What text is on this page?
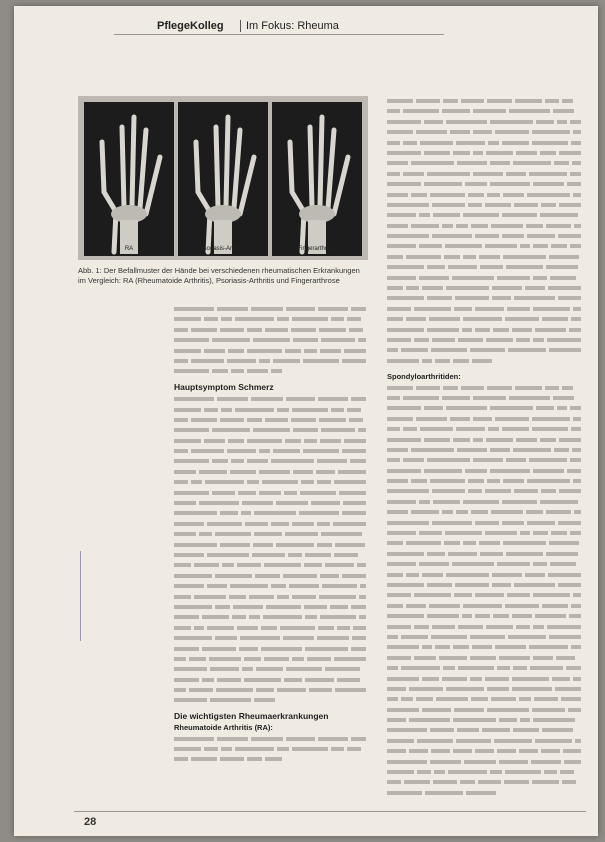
PflegeKolleg Im Fokus: Rheuma
RA	Psoriasis-Arthritis	Fingerarthrose
Abb. 1: Der Befallmuster der Hände bei verschiedenen rheumatischen Erkrankungen im Vergleich: RA (Rheumatoide Arthritis), Psoriasis-Arthritis und Fingerarthrose
Hauptsymptom Schmerz
Die wichtigsten Rheumaerkrankungen
Rheumatoide Arthritis (RA):
Spondyloarthritiden:
28
